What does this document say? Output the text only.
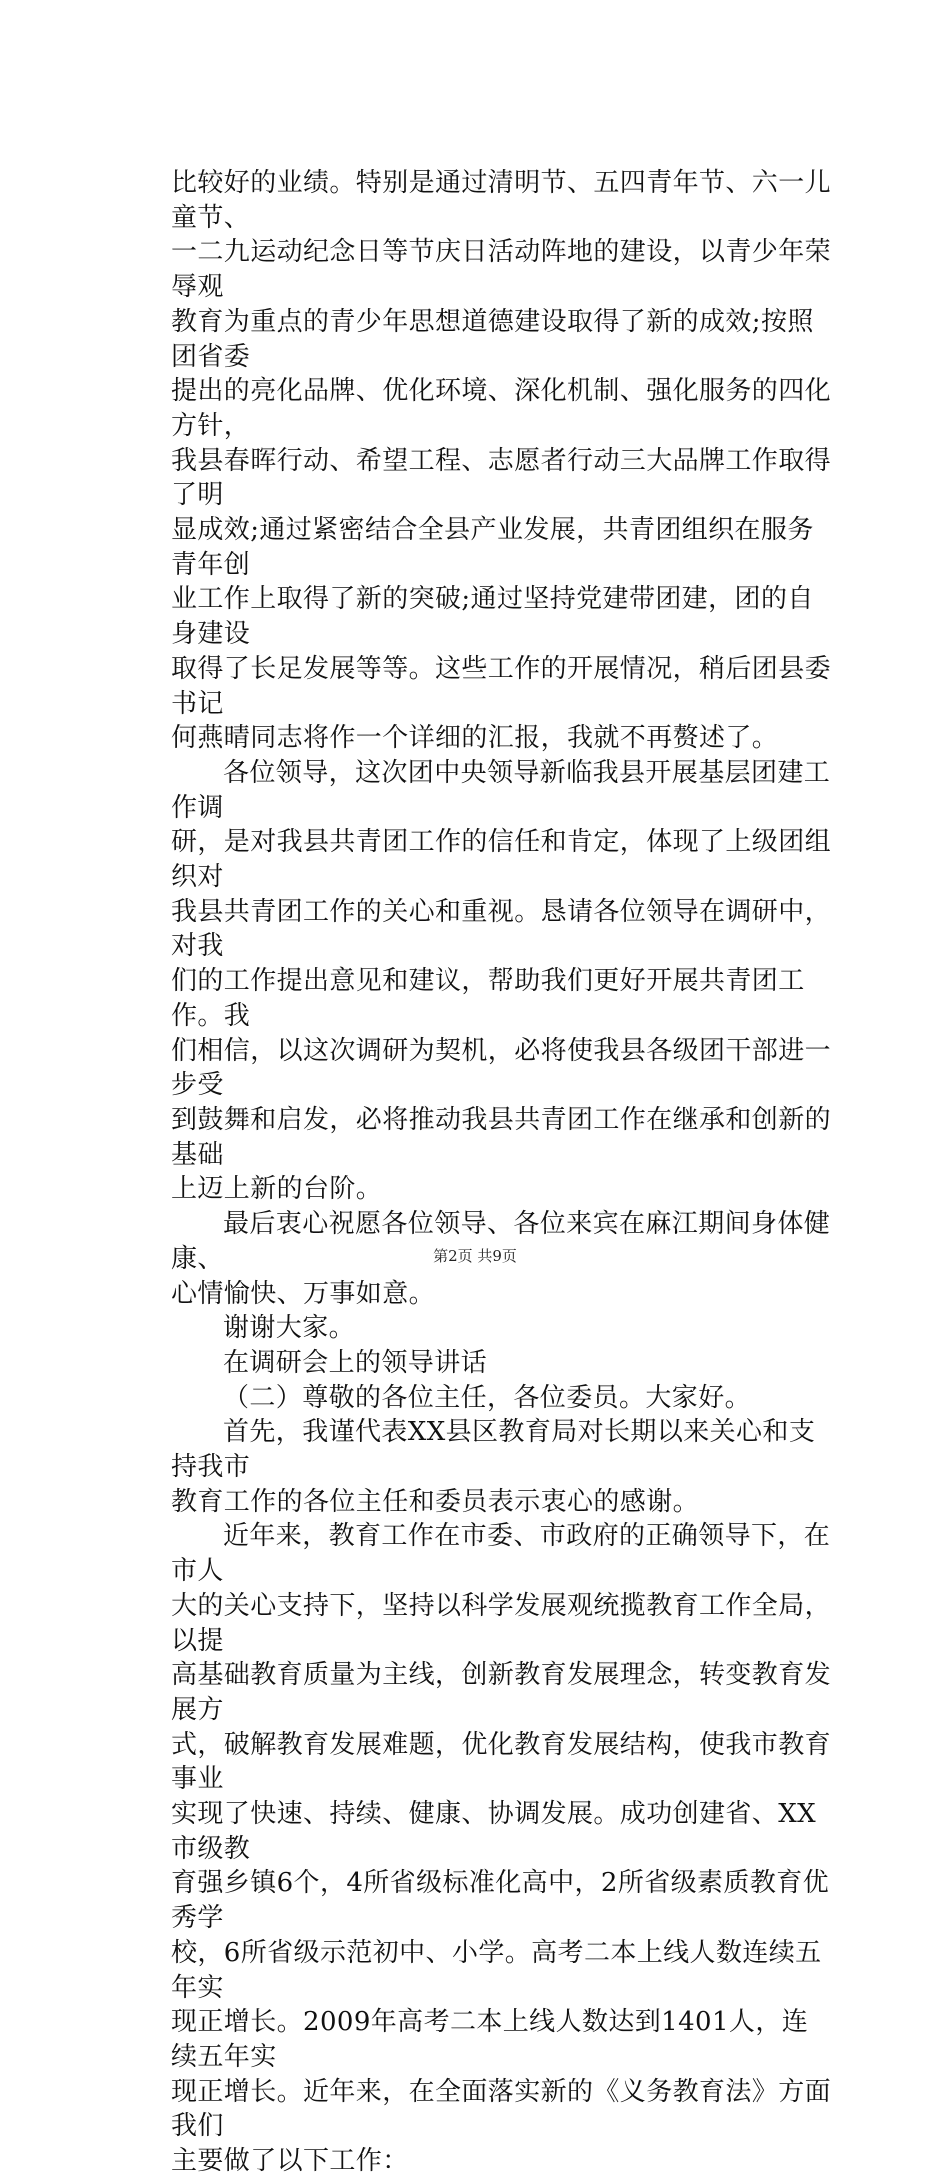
比较好的业绩。特别是通过清明节、五四青年节、六一儿童节、
一二九运动纪念日等节庆日活动阵地的建设，以青少年荣辱观
教育为重点的青少年思想道德建设取得了新的成效;按照团省委
提出的亮化品牌、优化环境、深化机制、强化服务的四化方针，
我县春晖行动、希望工程、志愿者行动三大品牌工作取得了明
显成效;通过紧密结合全县产业发展，共青团组织在服务青年创
业工作上取得了新的突破;通过坚持党建带团建，团的自身建设
取得了长足发展等等。这些工作的开展情况，稍后团县委书记
何燕晴同志将作一个详细的汇报，我就不再赘述了。

各位领导，这次团中央领导新临我县开展基层团建工作调
研，是对我县共青团工作的信任和肯定，体现了上级团组织对
我县共青团工作的关心和重视。恳请各位领导在调研中，对我
们的工作提出意见和建议，帮助我们更好开展共青团工作。我
们相信，以这次调研为契机，必将使我县各级团干部进一步受
到鼓舞和启发，必将推动我县共青团工作在继承和创新的基础
上迈上新的台阶。

最后衷心祝愿各位领导、各位来宾在麻江期间身体健康、
心情愉快、万事如意。

谢谢大家。

在调研会上的领导讲话

（二）尊敬的各位主任，各位委员。大家好。

首先，我谨代表XX县区教育局对长期以来关心和支持我市
教育工作的各位主任和委员表示衷心的感谢。

近年来，教育工作在市委、市政府的正确领导下，在市人
大的关心支持下，坚持以科学发展观统揽教育工作全局，以提
高基础教育质量为主线，创新教育发展理念，转变教育发展方
式，破解教育发展难题，优化教育发展结构，使我市教育事业
实现了快速、持续、健康、协调发展。成功创建省、XX市级教
育强乡镇6个，4所省级标准化高中，2所省级素质教育优秀学
校，6所省级示范初中、小学。高考二本上线人数连续五年实
现正增长。2009年高考二本上线人数达到1401人，连续五年实
现正增长。近年来，在全面落实新的《义务教育法》方面我们
主要做了以下工作：

第2页 共9页
